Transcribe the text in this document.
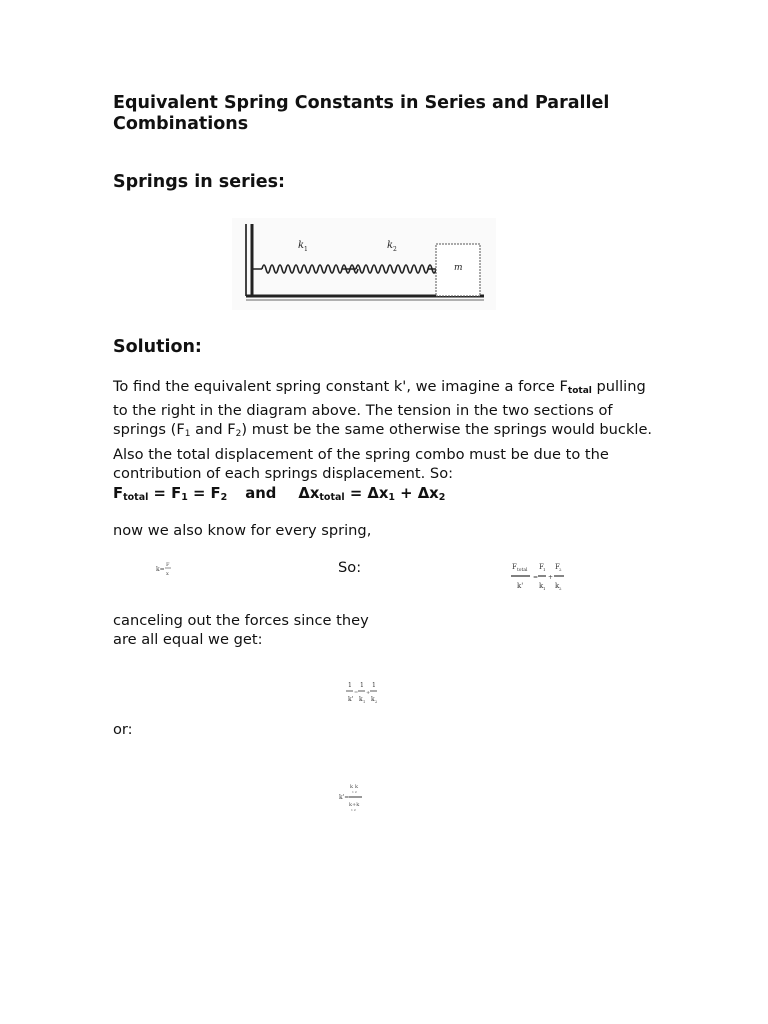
Equivalent Spring Constants in Series and Parallel Combinations
Springs in series:
k 1	k 2
m
Solution:
To find the equivalent spring constant k', we imagine a force $F_{total}$ pulling to the right in the diagram above. The tension in the two sections of springs ($F_1$ and $F_2$) must be the same otherwise the springs would buckle. Also the total displacement of the spring combo must be due to the contribution of each springs displacement. So:
$F_{total} = F_1 = F_2$ and $\Delta x_{total} = \Delta x_1 + \Delta x_2$
now we also know for every spring,
k=
F
x	So:	F total
k'
=
F 1
k 1
+
F 2
k 2
canceling out the forces since they
are all equal we get:
1
k'
=
1
k 1
+
1
k 2
or:
k'=
k k
1 2
k+k
1 2
